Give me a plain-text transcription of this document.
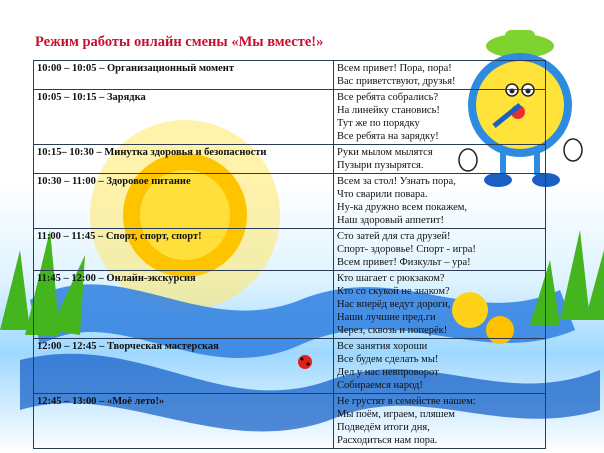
Режим работы онлайн смены «Мы вместе!»
10:00 – 10:05 – Организационный момент	Всем привет! Пора, пора!
Вас приветствуют, друзья!

10:05 – 10:15 – Зарядка	Все ребята собрались?
На линейку становись!
Тут же по порядку
Все ребята на зарядку!

10:15– 10:30 – Минутка здоровья и безопасности	Руки мылом мылятся
Пузыри пузырятся.

10:30 – 11:00 – Здоровое питание	Всем за стол! Узнать пора,
Что сварили повара.
Ну-ка дружно всем покажем,
Наш здоровый аппетит!

11:00 – 11:45 – Спорт, спорт, спорт!	Сто затей для ста друзей!
Спорт- здоровье! Спорт - игра!
Всем привет! Физкульт – ура!

11:45 – 12:00 – Онлайн-экскурсия	Кто шагает с рюкзаком?
Кто со скукой не знаком?
Нас вперёд ведут дороги,
Наши лучшие пред.ги
Через, сквозь и поперёк!

12:00 – 12:45 – Творческая мастерская	Все занятия хороши
Все будем сделать мы!
Дел у нас невпроворот
Собираемся народ!

12:45 – 13:00 – «Моё лето!»	Не грустят в семействе нашем:
Мы поём, играем, пляшем
Подведём итоги дня,
Расходиться нам пора.
